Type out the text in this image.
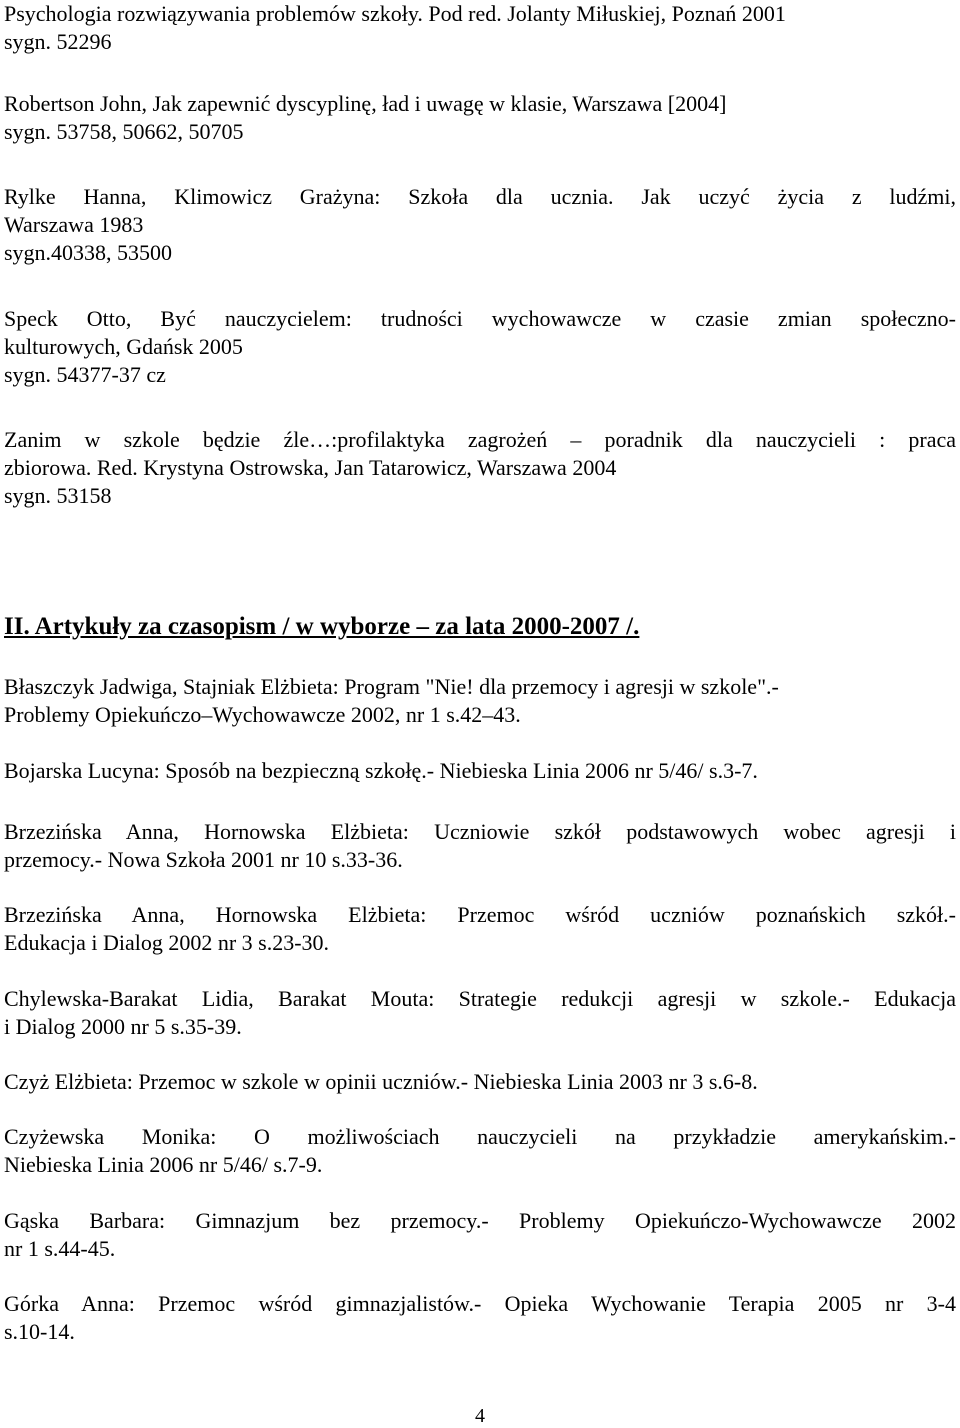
Psychologia rozwiązywania problemów szkoły. Pod red. Jolanty Miłuskiej, Poznań 2001
sygn. 52296
Robertson John, Jak zapewnić dyscyplinę, ład i uwagę w klasie, Warszawa [2004]
sygn. 53758, 50662, 50705
Rylke Hanna, Klimowicz Grażyna: Szkoła dla ucznia. Jak uczyć życia z ludźmi,
Warszawa 1983
sygn.40338, 53500
Speck Otto, Być nauczycielem: trudności wychowawcze w czasie zmian społeczno-
kulturowych, Gdańsk 2005
sygn. 54377-37 cz
Zanim w szkole będzie źle…:profilaktyka zagrożeń – poradnik dla nauczycieli : praca
zbiorowa. Red. Krystyna Ostrowska, Jan Tatarowicz, Warszawa 2004
sygn. 53158
II. Artykuły za czasopism / w wyborze – za lata 2000-2007 /.
Błaszczyk Jadwiga, Stajniak Elżbieta: Program "Nie! dla przemocy i agresji w szkole".-
Problemy Opiekuńczo–Wychowawcze 2002, nr 1 s.42–43.
Bojarska Lucyna: Sposób na bezpieczną szkołę.- Niebieska Linia 2006 nr 5/46/ s.3-7.
Brzezińska Anna, Hornowska Elżbieta: Uczniowie szkół podstawowych wobec agresji i
przemocy.- Nowa Szkoła 2001 nr 10 s.33-36.
Brzezińska Anna, Hornowska Elżbieta: Przemoc wśród uczniów poznańskich szkół.-
Edukacja i Dialog 2002 nr 3 s.23-30.
Chylewska-Barakat Lidia, Barakat Mouta: Strategie redukcji agresji w szkole.- Edukacja
i Dialog 2000 nr 5 s.35-39.
Czyż Elżbieta: Przemoc w szkole w opinii uczniów.- Niebieska Linia 2003 nr 3 s.6-8.
Czyżewska Monika: O możliwościach nauczycieli na przykładzie amerykańskim.-
Niebieska Linia 2006 nr 5/46/ s.7-9.
Gąska Barbara: Gimnazjum bez przemocy.- Problemy Opiekuńczo-Wychowawcze 2002
nr 1 s.44-45.
Górka Anna: Przemoc wśród gimnazjalistów.- Opieka Wychowanie Terapia 2005 nr 3-4
s.10-14.
4
